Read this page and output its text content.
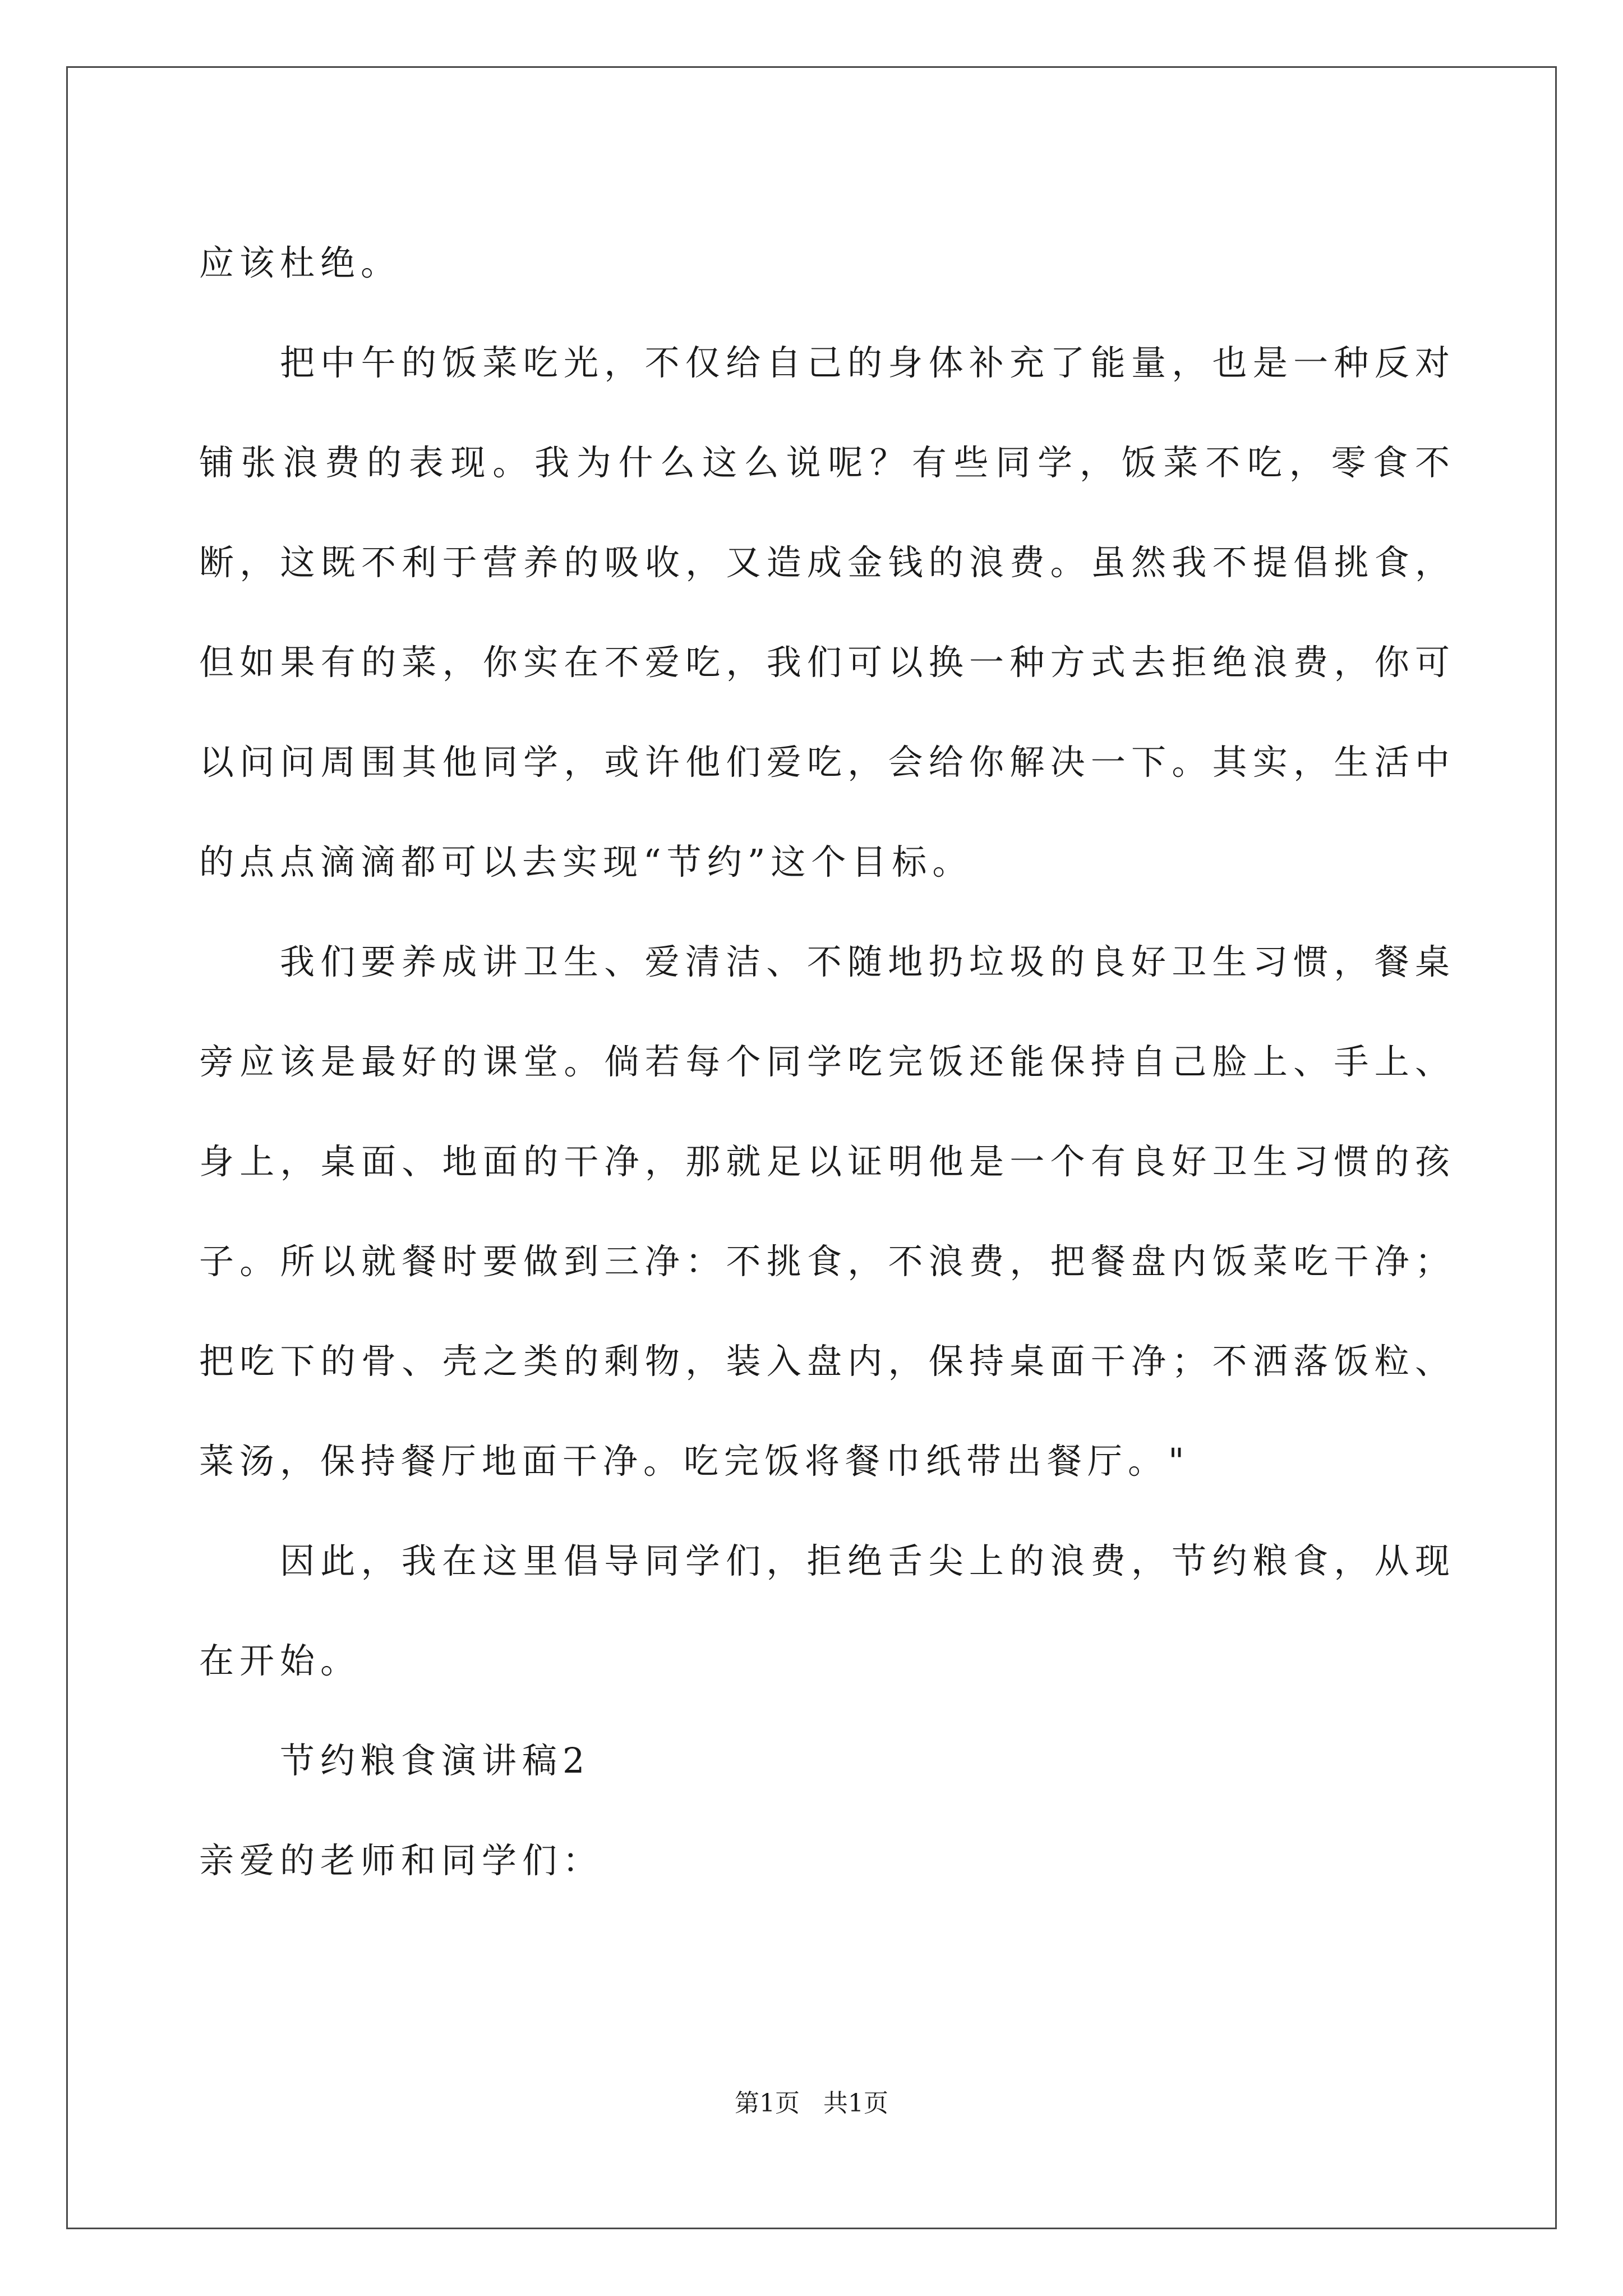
应该杜绝。

把中午的饭菜吃光，不仅给自己的身体补充了能量，也是一种反对铺张浪费的表现。我为什么这么说呢？有些同学，饭菜不吃，零食不断，这既不利于营养的吸收，又造成金钱的浪费。虽然我不提倡挑食，但如果有的菜，你实在不爱吃，我们可以换一种方式去拒绝浪费，你可以问问周围其他同学，或许他们爱吃，会给你解决一下。其实，生活中的点点滴滴都可以去实现“节约”这个目标。

我们要养成讲卫生、爱清洁、不随地扔垃圾的良好卫生习惯，餐桌旁应该是最好的课堂。倘若每个同学吃完饭还能保持自己脸上、手上、身上，桌面、地面的干净，那就足以证明他是一个有良好卫生习惯的孩子。所以就餐时要做到三净：不挑食，不浪费，把餐盘内饭菜吃干净；把吃下的骨、壳之类的剩物，装入盘内，保持桌面干净；不洒落饭粒、菜汤，保持餐厅地面干净。吃完饭将餐巾纸带出餐厅。"

因此，我在这里倡导同学们，拒绝舌尖上的浪费，节约粮食，从现在开始。

节约粮食演讲稿2

亲爱的老师和同学们：

第1页   共1页
